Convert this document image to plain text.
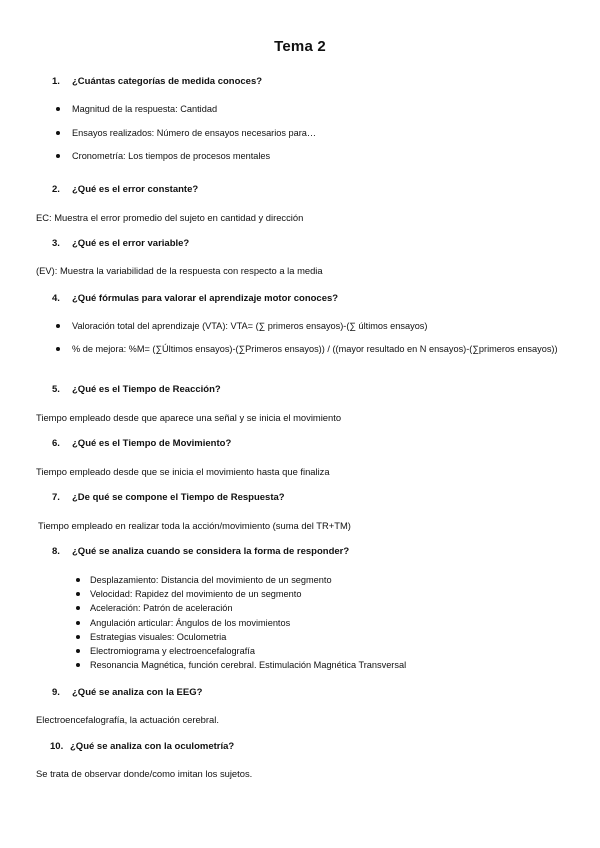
Tema 2
1. ¿Cuántas categorías de medida conoces?
Magnitud de la respuesta: Cantidad
Ensayos realizados: Número de ensayos necesarios para…
Cronometría: Los tiempos de procesos mentales
2. ¿Qué es el error constante?
EC: Muestra el error promedio del sujeto en cantidad y dirección
3. ¿Qué es el error variable?
(EV): Muestra la variabilidad de la respuesta con respecto a la media
4. ¿Qué fórmulas para valorar el aprendizaje motor conoces?
Valoración total del aprendizaje (VTA): VTA= (∑ primeros ensayos)-(∑ últimos ensayos)
% de mejora: %M= (∑Últimos ensayos)-(∑Primeros ensayos)) / ((mayor resultado en N ensayos)-(∑primeros ensayos))
5. ¿Qué es el Tiempo de Reacción?
Tiempo empleado desde que aparece una señal y se inicia el movimiento
6. ¿Qué es el Tiempo de Movimiento?
Tiempo empleado desde que se inicia el movimiento hasta que finaliza
7. ¿De qué se compone el Tiempo de Respuesta?
Tiempo empleado en realizar toda la acción/movimiento (suma del TR+TM)
8. ¿Qué se analiza cuando se considera la forma de responder?
Desplazamiento: Distancia del movimiento de un segmento
Velocidad: Rapidez del movimiento de un segmento
Aceleración: Patrón de aceleración
Angulación articular: Ángulos de los movimientos
Estrategias visuales: Oculometria
Electromiograma y electroencefalografía
Resonancia Magnética, función cerebral. Estimulación Magnética Transversal
9. ¿Qué se analiza con la EEG?
Electroencefalografía, la actuación cerebral.
10. ¿Qué se analiza con la oculometría?
Se trata de observar donde/como imitan los sujetos.
